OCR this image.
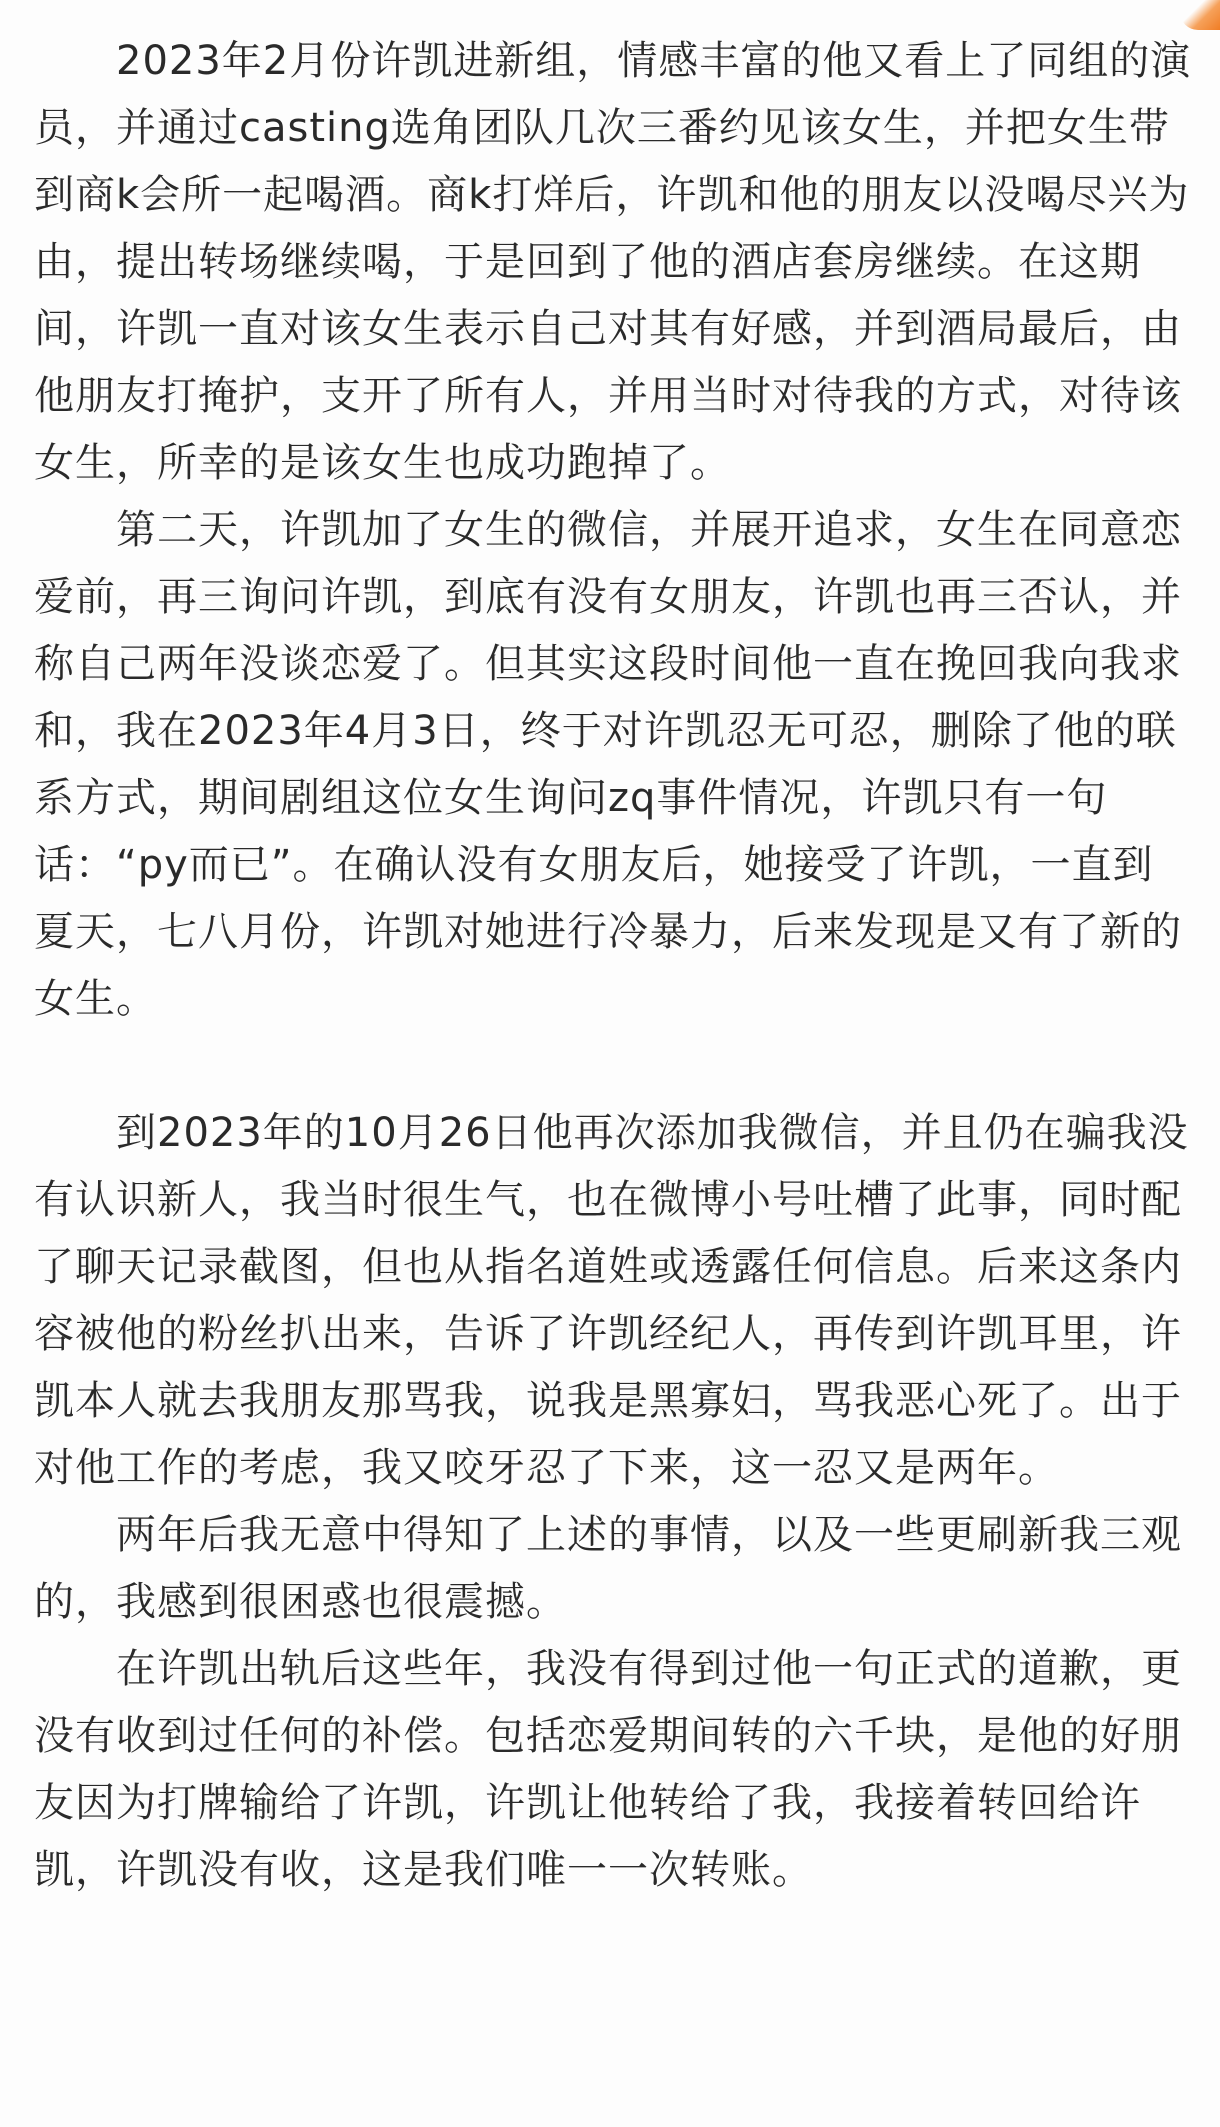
2023年2月份许凯进新组，情感丰富的他又看上了同组的演员，并通过casting选角团队几次三番约见该女生，并把女生带到商k会所一起喝酒。商k打烊后，许凯和他的朋友以没喝尽兴为由，提出转场继续喝，于是回到了他的酒店套房继续。在这期间，许凯一直对该女生表示自己对其有好感，并到酒局最后，由他朋友打掩护，支开了所有人，并用当时对待我的方式，对待该女生，所幸的是该女生也成功跑掉了。

第二天，许凯加了女生的微信，并展开追求，女生在同意恋爱前，再三询问许凯，到底有没有女朋友，许凯也再三否认，并称自己两年没谈恋爱了。但其实这段时间他一直在挽回我向我求和，我在2023年4月3日，终于对许凯忍无可忍，删除了他的联系方式，期间剧组这位女生询问zq事件情况，许凯只有一句话：“py而已”。在确认没有女朋友后，她接受了许凯，一直到夏天，七八月份，许凯对她进行冷暴力，后来发现是又有了新的女生。

到2023年的10月26日他再次添加我微信，并且仍在骗我没有认识新人，我当时很生气，也在微博小号吐槽了此事，同时配了聊天记录截图，但也从指名道姓或透露任何信息。后来这条内容被他的粉丝扒出来，告诉了许凯经纪人，再传到许凯耳里，许凯本人就去我朋友那骂我，说我是黑寡妇，骂我恶心死了。出于对他工作的考虑，我又咬牙忍了下来，这一忍又是两年。

两年后我无意中得知了上述的事情，以及一些更刷新我三观的，我感到很困惑也很震撼。

在许凯出轨后这些年，我没有得到过他一句正式的道歉，更没有收到过任何的补偿。包括恋爱期间转的六千块，是他的好朋友因为打牌输给了许凯，许凯让他转给了我，我接着转回给许凯，许凯没有收，这是我们唯一一次转账。
